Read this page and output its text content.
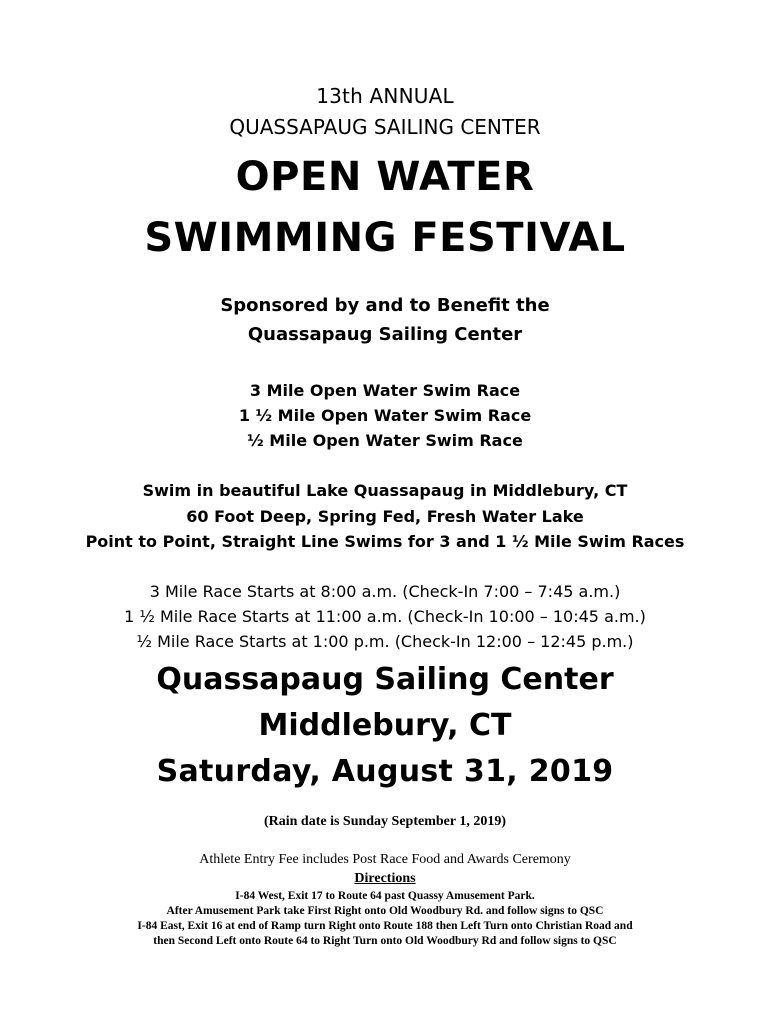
13th ANNUAL
QUASSAPAUG SAILING CENTER
OPEN WATER
SWIMMING FESTIVAL
Sponsored by and to Benefit the
Quassapaug Sailing Center
3 Mile Open Water Swim Race
1 ½ Mile Open Water Swim Race
½ Mile Open Water Swim Race
Swim in beautiful Lake Quassapaug in Middlebury, CT
60 Foot Deep, Spring Fed, Fresh Water Lake
Point to Point, Straight Line Swims for 3 and 1 ½ Mile Swim Races
3 Mile Race Starts at 8:00 a.m. (Check-In 7:00 – 7:45 a.m.)
1 ½ Mile Race Starts at 11:00 a.m. (Check-In 10:00 – 10:45 a.m.)
½ Mile Race Starts at 1:00 p.m. (Check-In 12:00 – 12:45 p.m.)
Quassapaug Sailing Center
Middlebury, CT
Saturday, August 31, 2019
(Rain date is Sunday September 1, 2019)
Athlete Entry Fee includes Post Race Food and Awards Ceremony
Directions
I-84 West, Exit 17 to Route 64 past Quassy Amusement Park.
After Amusement Park take First Right onto Old Woodbury Rd. and follow signs to QSC
I-84 East, Exit 16 at end of Ramp turn Right onto Route 188 then Left Turn onto Christian Road and
then Second Left onto Route 64 to Right Turn onto Old Woodbury Rd and follow signs to QSC
